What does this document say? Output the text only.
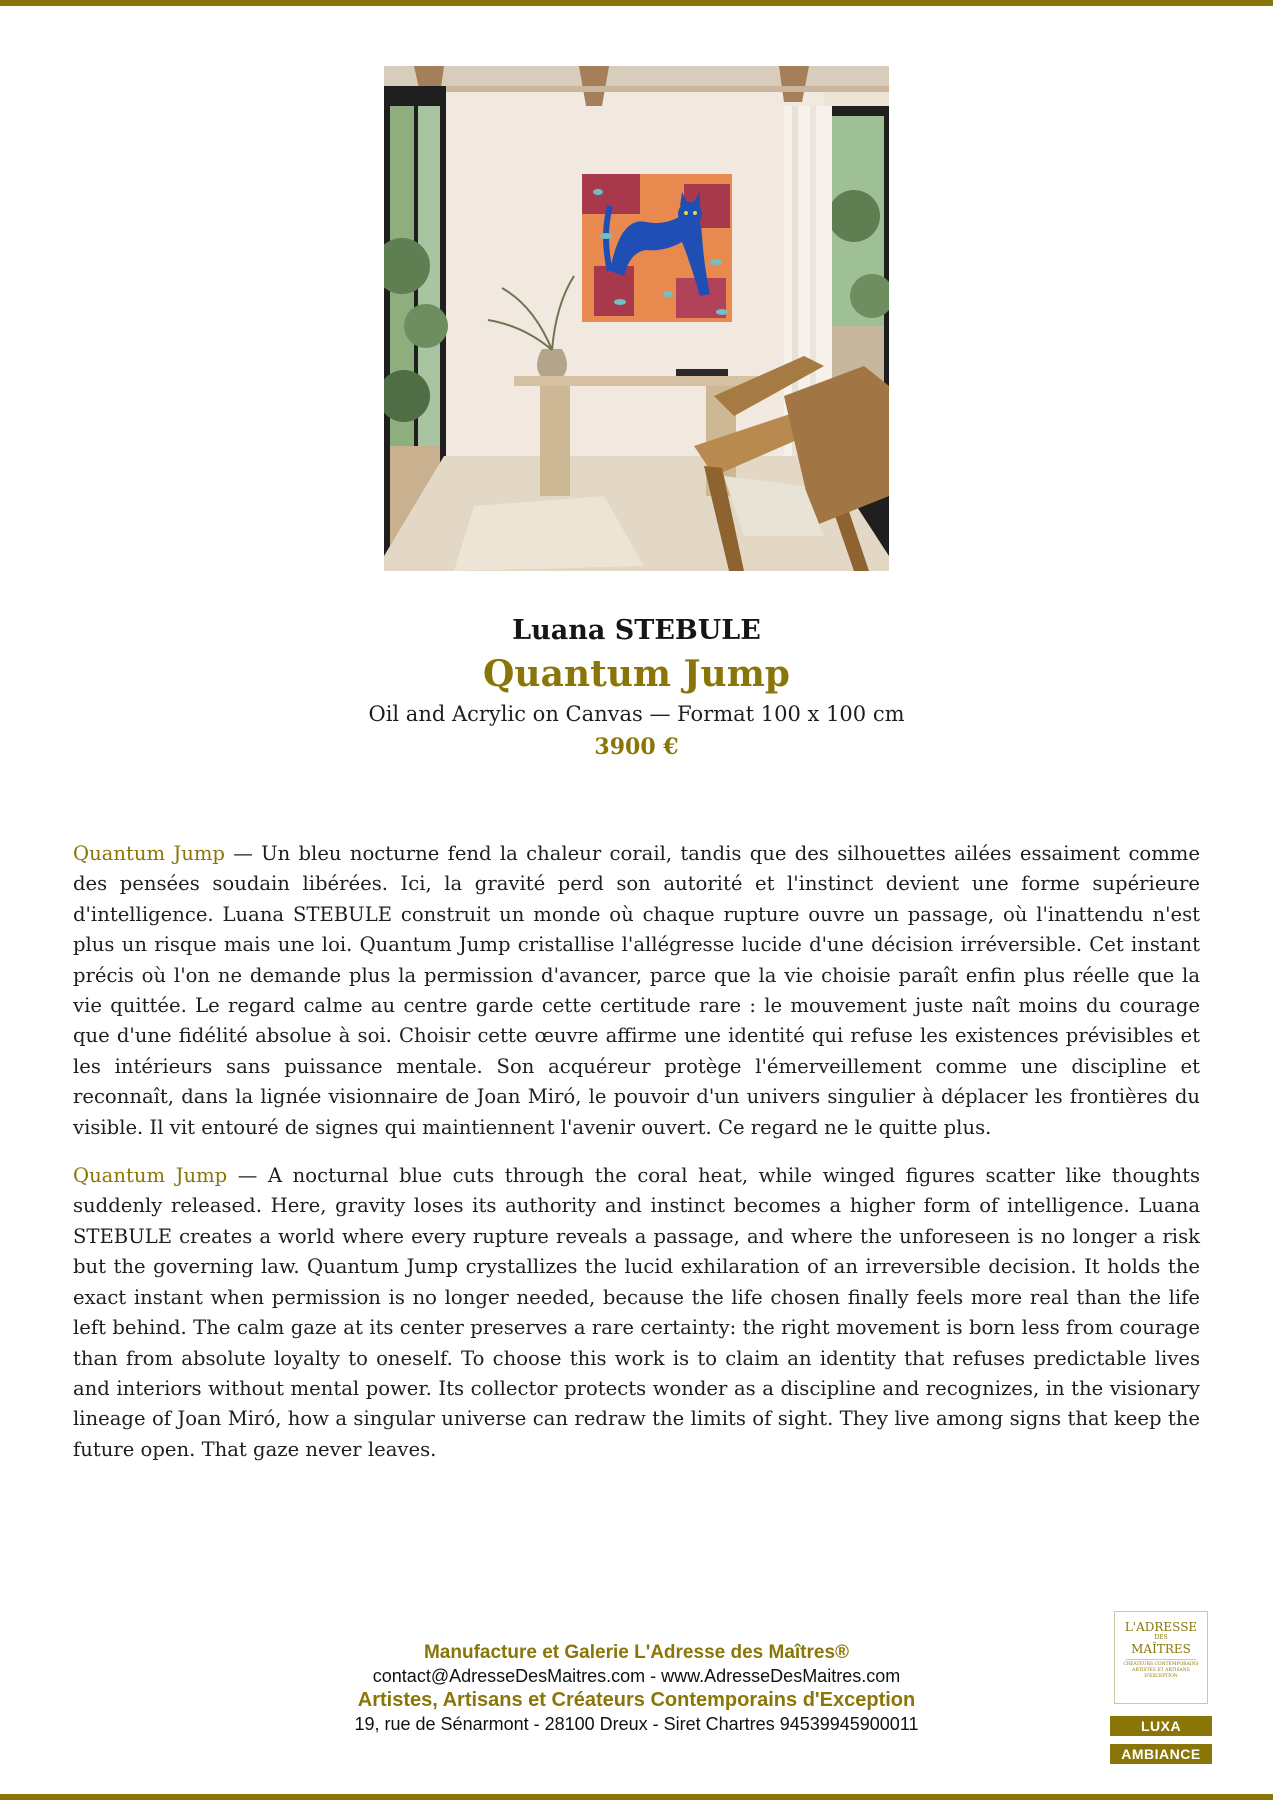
Luana STEBULE
Quantum Jump
Oil and Acrylic on Canvas — Format 100 x 100 cm
3900 €

Quantum Jump — Un bleu nocturne fend la chaleur corail, tandis que des silhouettes ailées essaiment comme des pensées soudain libérées. Ici, la gravité perd son autorité et l'instinct devient une forme supérieure d'intelligence. Luana STEBULE construit un monde où chaque rupture ouvre un passage, où l'inattendu n'est plus un risque mais une loi. Quantum Jump cristallise l'allégresse lucide d'une décision irréversible. Cet instant précis où l'on ne demande plus la permission d'avancer, parce que la vie choisie paraît enfin plus réelle que la vie quittée. Le regard calme au centre garde cette certitude rare : le mouvement juste naît moins du courage que d'une fidélité absolue à soi. Choisir cette œuvre affirme une identité qui refuse les existences prévisibles et les intérieurs sans puissance mentale. Son acquéreur protège l'émerveillement comme une discipline et reconnaît, dans la lignée visionnaire de Joan Miró, le pouvoir d'un univers singulier à déplacer les frontières du visible. Il vit entouré de signes qui maintiennent l'avenir ouvert. Ce regard ne le quitte plus.

Quantum Jump — A nocturnal blue cuts through the coral heat, while winged figures scatter like thoughts suddenly released. Here, gravity loses its authority and instinct becomes a higher form of intelligence. Luana STEBULE creates a world where every rupture reveals a passage, and where the unforeseen is no longer a risk but the governing law. Quantum Jump crystallizes the lucid exhilaration of an irreversible decision. It holds the exact instant when permission is no longer needed, because the life chosen finally feels more real than the life left behind. The calm gaze at its center preserves a rare certainty: the right movement is born less from courage than from absolute loyalty to oneself. To choose this work is to claim an identity that refuses predictable lives and interiors without mental power. Its collector protects wonder as a discipline and recognizes, in the visionary lineage of Joan Miró, how a singular universe can redraw the limits of sight. They live among signs that keep the future open. That gaze never leaves.

Manufacture et Galerie L'Adresse des Maîtres®
contact@AdresseDesMaitres.com - www.AdresseDesMaitres.com
Artistes, Artisans et Créateurs Contemporains d'Exception
19, rue de Sénarmont - 28100 Dreux - Siret Chartres 94539945900011
L'ADRESSE
DES
MAÎTRES
CRÉATEURS CONTEMPORAINS ARTISTES ET ARTISANS D'EXCEPTION
LUXA
AMBIANCE
